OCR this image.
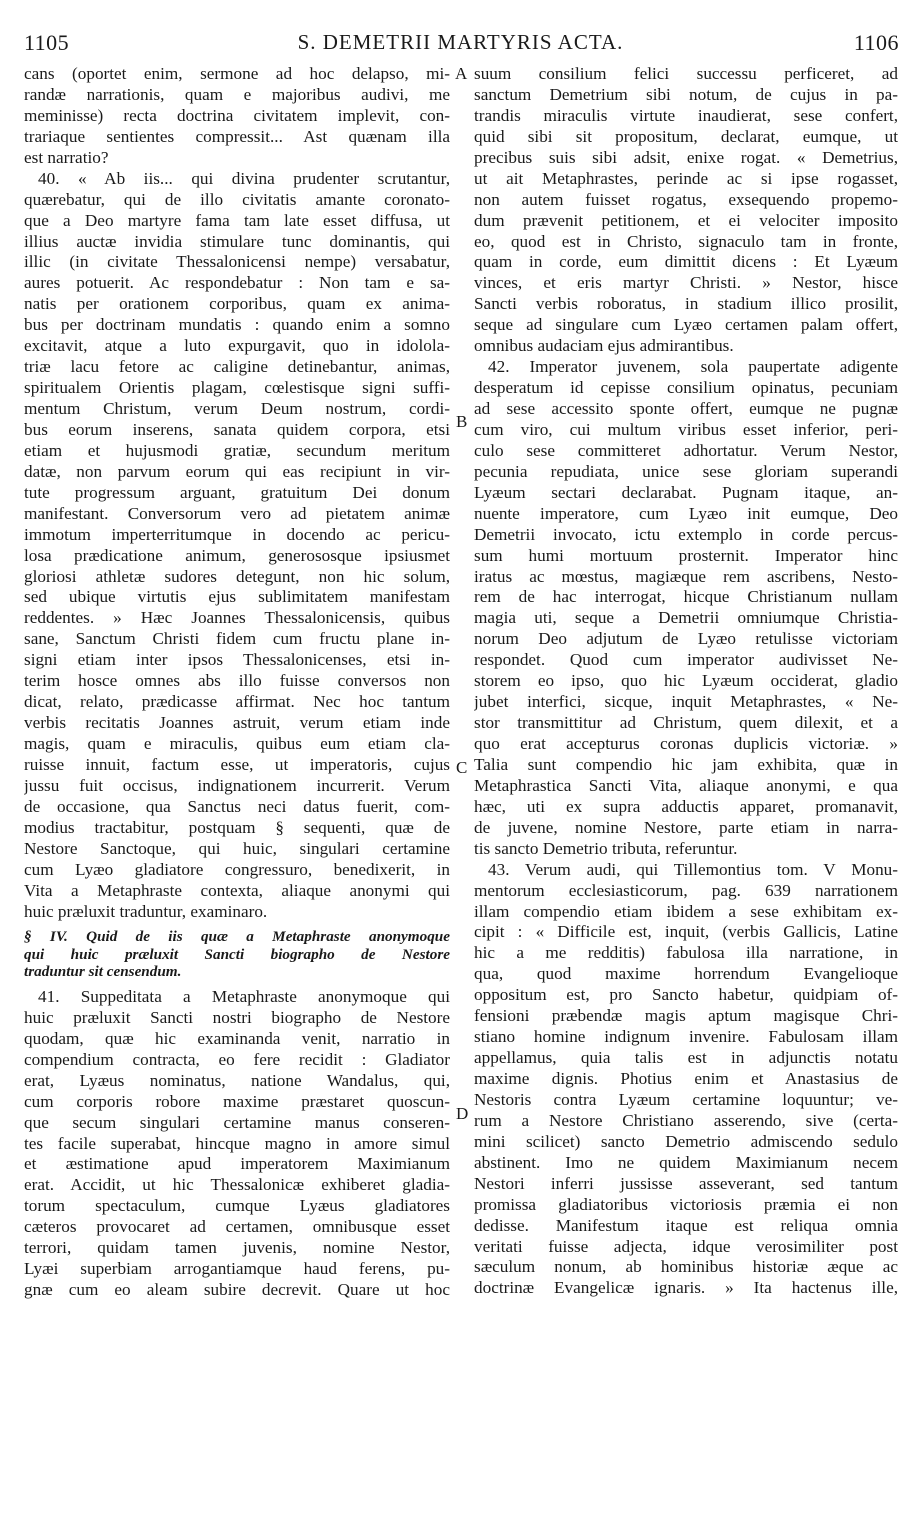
1105	S. DEMETRII MARTYRIS ACTA.	1106
cans (oportet enim, sermone ad hoc delapso, mi-
randæ narrationis, quam e majoribus audivi, me
meminisse) recta doctrina civitatem implevit, con-
trariaque sentientes compressit... Ast quænam illa
est narratio?
40. « Ab iis... qui divina prudenter scrutantur,
quærebatur, qui de illo civitatis amante coronato-
que a Deo martyre fama tam late esset diffusa, ut
illius auctæ invidia stimulare tunc dominantis, qui
illic (in civitate Thessalonicensi nempe) versabatur,
aures potuerit. Ac respondebatur : Non tam e sa-
natis per orationem corporibus, quam ex anima-
bus per doctrinam mundatis : quando enim a somno
excitavit, atque a luto expurgavit, quo in idolola-
triæ lacu fetore ac caligine detinebantur, animas,
spiritualem Orientis plagam, cœlestisque signi suffi-
mentum Christum, verum Deum nostrum, cordi-
bus eorum inserens, sanata quidem corpora, etsi
etiam et hujusmodi gratiæ, secundum meritum
datæ, non parvum eorum qui eas recipiunt in vir-
tute progressum arguant, gratuitum Dei donum
manifestant. Conversorum vero ad pietatem animæ
immotum imperterritumque in docendo ac pericu-
losa prædicatione animum, generososque ipsiusmet
gloriosi athletæ sudores detegunt, non hic solum,
sed ubique virtutis ejus sublimitatem manifestam
reddentes. » Hæc Joannes Thessalonicensis, quibus
sane, Sanctum Christi fidem cum fructu plane in-
signi etiam inter ipsos Thessalonicenses, etsi in-
terim hosce omnes abs illo fuisse conversos non
dicat, relato, prædicasse affirmat. Nec hoc tantum
verbis recitatis Joannes astruit, verum etiam inde
magis, quam e miraculis, quibus eum etiam cla-
ruisse innuit, factum esse, ut imperatoris, cujus
jussu fuit occisus, indignationem incurrerit. Verum
de occasione, qua Sanctus neci datus fuerit, com-
modius tractabitur, postquam § sequenti, quæ de
Nestore Sanctoque, qui huic, singulari certamine
cum Lyæo gladiatore congressuro, benedixerit, in
Vita a Metaphraste contexta, aliaque anonymi qui
huic præluxit traduntur, examinaro.
§ IV. Quid de iis quæ a Metaphraste anonymoque
qui huic præluxit Sancti biographo de Nestore
traduntur sit censendum.
41. Suppeditata a Metaphraste anonymoque qui
huic præluxit Sancti nostri biographo de Nestore
quodam, quæ hic examinanda venit, narratio in
compendium contracta, eo fere recidit : Gladiator
erat, Lyæus nominatus, natione Wandalus, qui,
cum corporis robore maxime præstaret quoscun-
que secum singulari certamine manus conseren-
tes facile superabat, hincque magno in amore simul
et æstimatione apud imperatorem Maximianum
erat. Accidit, ut hic Thessalonicæ exhiberet gladia-
torum spectaculum, cumque Lyæus gladiatores
cæteros provocaret ad certamen, omnibusque esset
terrori, quidam tamen juvenis, nomine Nestor,
Lyæi superbiam arrogantiamque haud ferens, pu-
gnæ cum eo aleam subire decrevit. Quare ut hoc
suum consilium felici successu perficeret, ad
sanctum Demetrium sibi notum, de cujus in pa-
trandis miraculis virtute inaudierat, sese confert,
quid sibi sit propositum, declarat, eumque, ut
precibus suis sibi adsit, enixe rogat. « Demetrius,
ut ait Metaphrastes, perinde ac si ipse rogasset,
non autem fuisset rogatus, exsequendo propemo-
dum prævenit petitionem, et ei velociter imposito
eo, quod est in Christo, signaculo tam in fronte,
quam in corde, eum dimittit dicens : Et Lyæum
vinces, et eris martyr Christi. » Nestor, hisce
Sancti verbis roboratus, in stadium illico prosilit,
seque ad singulare cum Lyæo certamen palam offert,
omnibus audaciam ejus admirantibus.
42. Imperator juvenem, sola paupertate adigente
desperatum id cepisse consilium opinatus, pecuniam
ad sese accessito sponte offert, eumque ne pugnæ
cum viro, cui multum viribus esset inferior, peri-
culo sese committeret adhortatur. Verum Nestor,
pecunia repudiata, unice sese gloriam superandi
Lyæum sectari declarabat. Pugnam itaque, an-
nuente imperatore, cum Lyæo init eumque, Deo
Demetrii invocato, ictu extemplo in corde percus-
sum humi mortuum prosternit. Imperator hinc
iratus ac mœstus, magiæque rem ascribens, Nesto-
rem de hac interrogat, hicque Christianum nullam
magia uti, seque a Demetrii omniumque Christia-
norum Deo adjutum de Lyæo retulisse victoriam
respondet. Quod cum imperator audivisset Ne-
storem eo ipso, quo hic Lyæum occiderat, gladio
jubet interfici, sicque, inquit Metaphrastes, « Ne-
stor transmittitur ad Christum, quem dilexit, et a
quo erat accepturus coronas duplicis victoriæ. »
Talia sunt compendio hic jam exhibita, quæ in
Metaphrastica Sancti Vita, aliaque anonymi, e qua
hæc, uti ex supra adductis apparet, promanavit,
de juvene, nomine Nestore, parte etiam in narra-
tis sancto Demetrio tributa, referuntur.
43. Verum audi, qui Tillemontius tom. V Monu-
mentorum ecclesiasticorum, pag. 639 narrationem
illam compendio etiam ibidem a sese exhibitam ex-
cipit : « Difficile est, inquit, (verbis Gallicis, Latine
hic a me redditis) fabulosa illa narratione, in
qua, quod maxime horrendum Evangelioque
oppositum est, pro Sancto habetur, quidpiam of-
fensioni præbendæ magis aptum magisque Chri-
stiano homine indignum invenire. Fabulosam illam
appellamus, quia talis est in adjunctis notatu
maxime dignis. Photius enim et Anastasius de
Nestoris contra Lyæum certamine loquuntur; ve-
rum a Nestore Christiano asserendo, sive (certa-
mini scilicet) sancto Demetrio admiscendo sedulo
abstinent. Imo ne quidem Maximianum necem
Nestori inferri jussisse asseverant, sed tantum
promissa gladiatoribus victoriosis præmia ei non
dedisse. Manifestum itaque est reliqua omnia
veritati fuisse adjecta, idque verosimiliter post
sæculum nonum, ab hominibus historiæ æque ac
doctrinæ Evangelicæ ignaris. » Ita hactenus ille,
A
B
C
D
